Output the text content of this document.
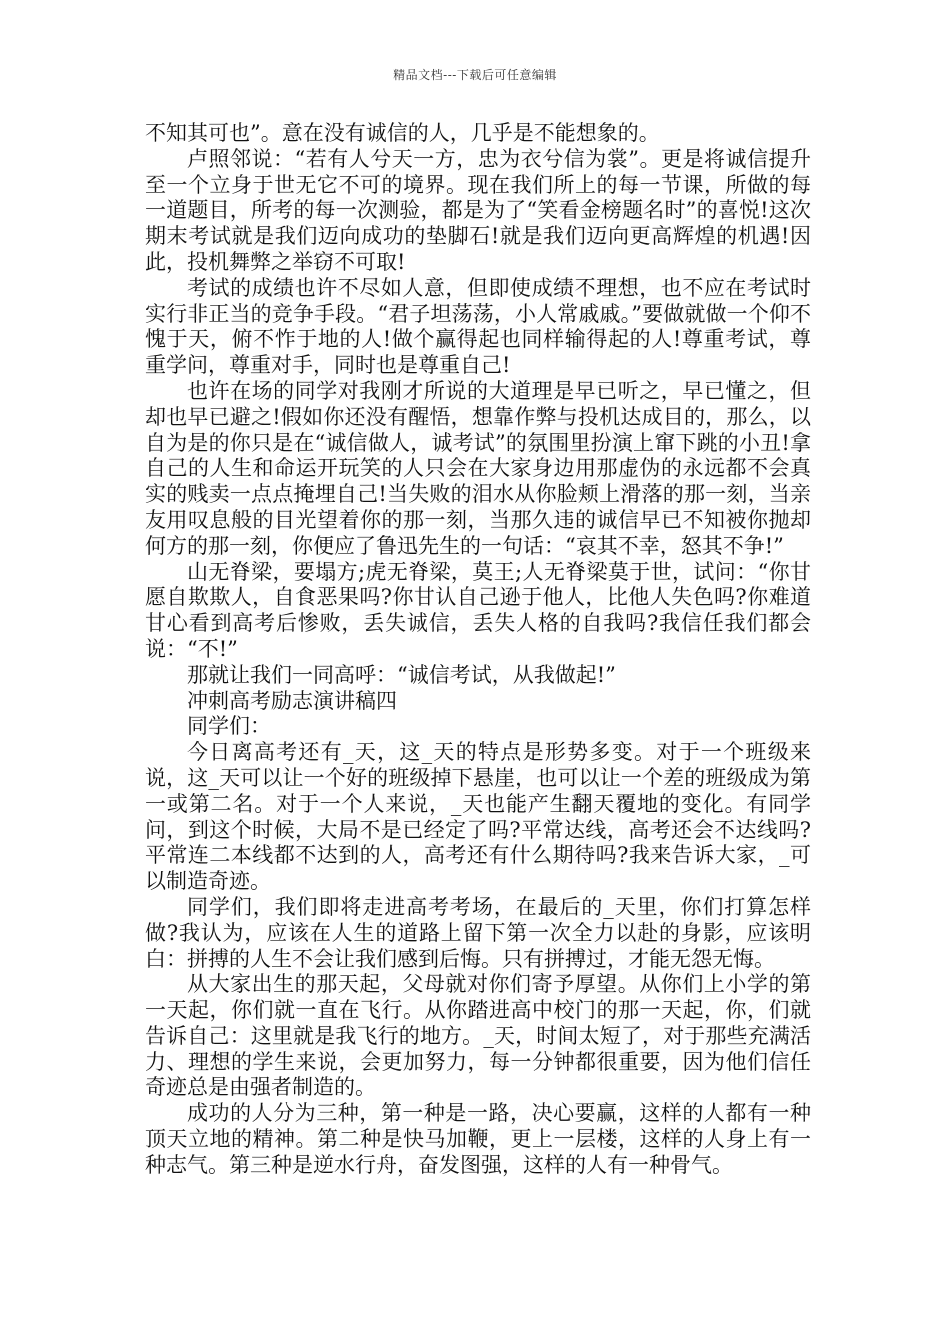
精品文档---下载后可任意编辑

不知其可也”。意在没有诚信的人，几乎是不能想象的。

卢照邻说：“若有人兮天一方，忠为衣兮信为裳”。更是将诚信提升至一个立身于世无它不可的境界。现在我们所上的每一节课，所做的每一道题目，所考的每一次测验，都是为了“笑看金榜题名时”的喜悦!这次期末考试就是我们迈向成功的垫脚石!就是我们迈向更高辉煌的机遇!因此，投机舞弊之举窃不可取!

考试的成绩也许不尽如人意，但即使成绩不理想，也不应在考试时实行非正当的竞争手段。“君子坦荡荡，小人常戚戚。”要做就做一个仰不愧于天，俯不怍于地的人!做个赢得起也同样输得起的人!尊重考试，尊重学问，尊重对手，同时也是尊重自己!

也许在场的同学对我刚才所说的大道理是早已听之，早已懂之，但却也早已避之!假如你还没有醒悟，想靠作弊与投机达成目的，那么，以自为是的你只是在“诚信做人，诚考试”的氛围里扮演上窜下跳的小丑!拿自己的人生和命运开玩笑的人只会在大家身边用那虚伪的永远都不会真实的贱卖一点点掩埋自己!当失败的泪水从你脸颊上滑落的那一刻，当亲友用叹息般的目光望着你的那一刻，当那久违的诚信早已不知被你抛却何方的那一刻，你便应了鲁迅先生的一句话：“哀其不幸，怒其不争!”

山无脊梁，要塌方;虎无脊梁，莫王;人无脊梁莫于世，试问：“你甘愿自欺欺人，自食恶果吗?你甘认自己逊于他人，比他人失色吗?你难道甘心看到高考后惨败，丢失诚信，丢失人格的自我吗?我信任我们都会说：“不!”

那就让我们一同高呼：“诚信考试，从我做起!”

冲刺高考励志演讲稿四

同学们：

今日离高考还有_天，这_天的特点是形势多变。对于一个班级来说，这_天可以让一个好的班级掉下悬崖，也可以让一个差的班级成为第一或第二名。对于一个人来说，_天也能产生翻天覆地的变化。有同学问，到这个时候，大局不是已经定了吗?平常达线，高考还会不达线吗?平常连二本线都不达到的人，高考还有什么期待吗?我来告诉大家，_可以制造奇迹。

同学们，我们即将走进高考考场，在最后的_天里，你们打算怎样做?我认为，应该在人生的道路上留下第一次全力以赴的身影，应该明白：拼搏的人生不会让我们感到后悔。只有拼搏过，才能无怨无悔。

从大家出生的那天起，父母就对你们寄予厚望。从你们上小学的第一天起，你们就一直在飞行。从你踏进高中校门的那一天起，你，们就告诉自己：这里就是我飞行的地方。_天，时间太短了，对于那些充满活力、理想的学生来说，会更加努力，每一分钟都很重要，因为他们信任奇迹总是由强者制造的。

成功的人分为三种，第一种是一路，决心要赢，这样的人都有一种顶天立地的精神。第二种是快马加鞭，更上一层楼，这样的人身上有一种志气。第三种是逆水行舟，奋发图强，这样的人有一种骨气。
